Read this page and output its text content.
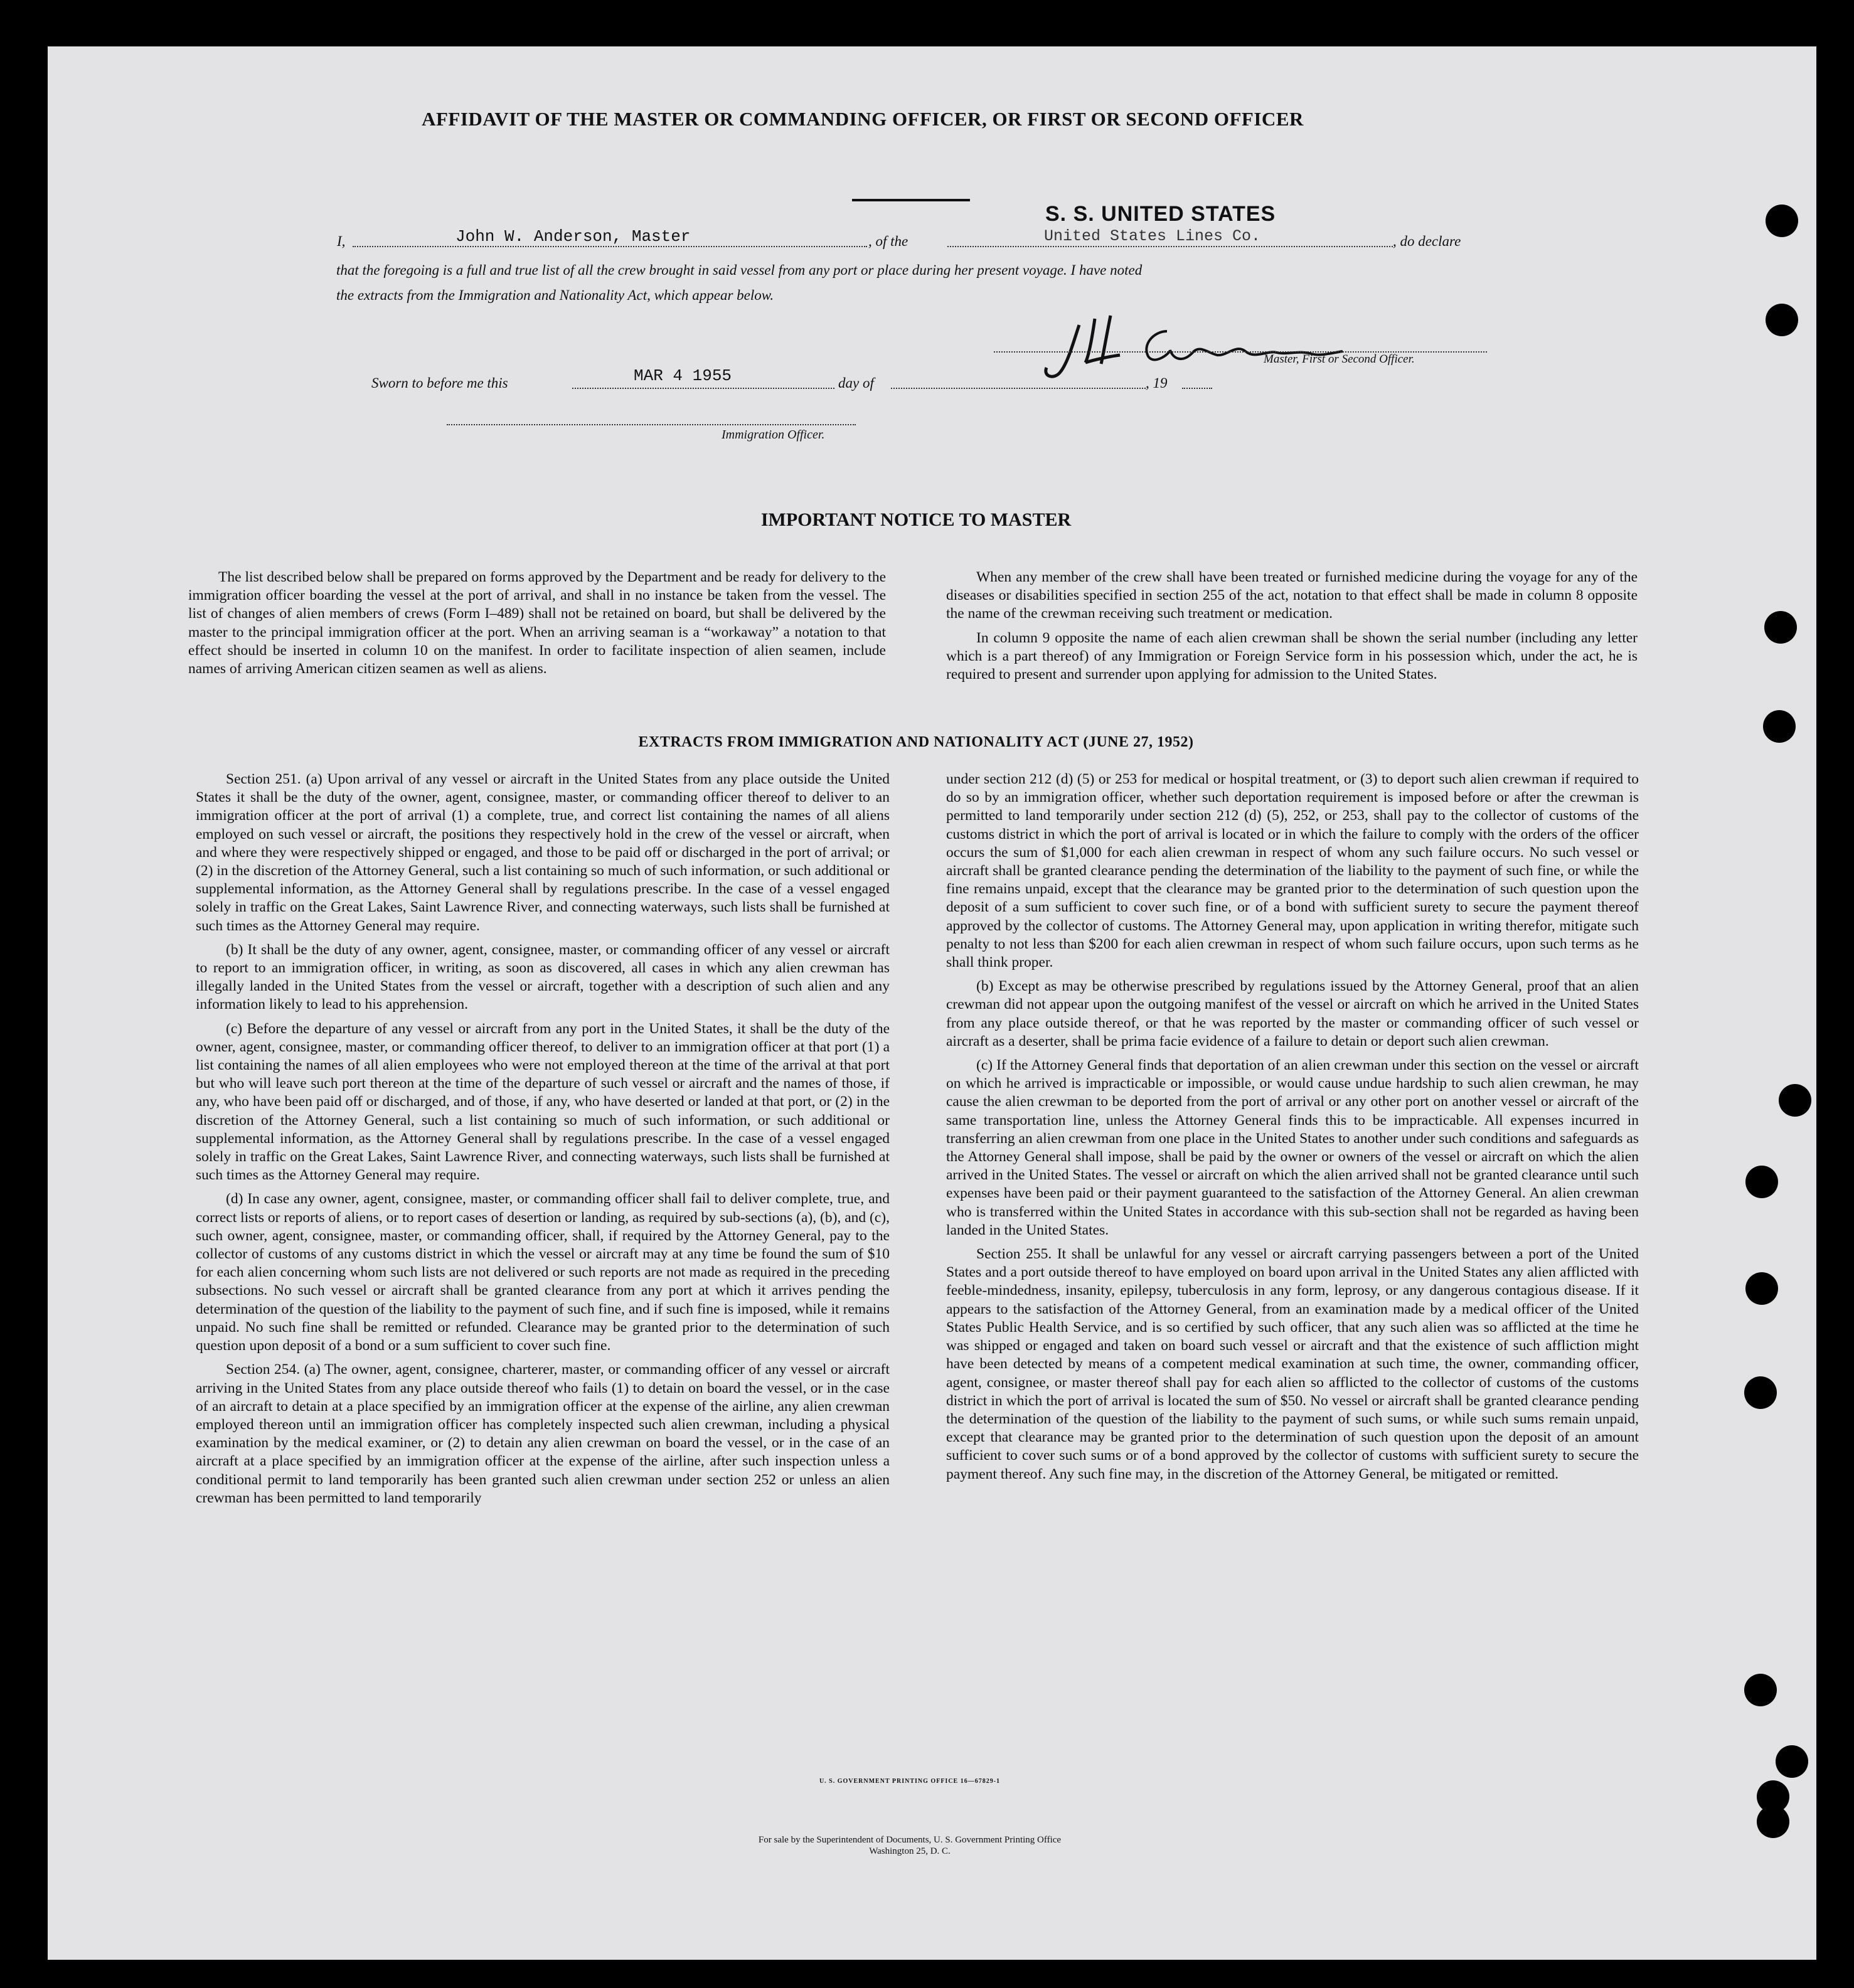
AFFIDAVIT OF THE MASTER OR COMMANDING OFFICER, OR FIRST OR SECOND OFFICER
I,	John W. Anderson, Master	, of the
S. S. UNITED STATES
United States Lines Co.	, do declare
that the foregoing is a full and true list of all the crew brought in said vessel from any port or place during her present voyage. I have noted
the extracts from the Immigration and Nationality Act, which appear below.
Master, First or Second Officer.
Sworn to before me this	MAR 4 1955	day of	, 19
Immigration Officer.
IMPORTANT NOTICE TO MASTER

The list described below shall be prepared on forms approved by the Department and be ready for delivery to the immigration officer boarding the vessel at the port of arrival, and shall in no instance be taken from the vessel. The list of changes of alien members of crews (Form I–489) shall not be retained on board, but shall be delivered by the master to the principal immigration officer at the port. When an arriving seaman is a “workaway” a notation to that effect should be inserted in column 10 on the manifest. In order to facilitate inspection of alien seamen, include names of arriving American citizen seamen as well as aliens.

When any member of the crew shall have been treated or furnished medicine during the voyage for any of the diseases or disabilities specified in section 255 of the act, notation to that effect shall be made in column 8 opposite the name of the crewman receiving such treatment or medication.

In column 9 opposite the name of each alien crewman shall be shown the serial number (including any letter which is a part thereof) of any Immigration or Foreign Service form in his possession which, under the act, he is required to present and surrender upon applying for admission to the United States.

EXTRACTS FROM IMMIGRATION AND NATIONALITY ACT (JUNE 27, 1952)

Section 251. (a) Upon arrival of any vessel or aircraft in the United States from any place outside the United States it shall be the duty of the owner, agent, consignee, master, or commanding officer thereof to deliver to an immigration officer at the port of arrival (1) a complete, true, and correct list containing the names of all aliens employed on such vessel or aircraft, the positions they respectively hold in the crew of the vessel or aircraft, when and where they were respectively shipped or engaged, and those to be paid off or discharged in the port of arrival; or (2) in the discretion of the Attorney General, such a list containing so much of such information, or such additional or supplemental information, as the Attorney General shall by regulations prescribe. In the case of a vessel engaged solely in traffic on the Great Lakes, Saint Lawrence River, and connecting waterways, such lists shall be furnished at such times as the Attorney General may require.

(b) It shall be the duty of any owner, agent, consignee, master, or commanding officer of any vessel or aircraft to report to an immigration officer, in writing, as soon as discovered, all cases in which any alien crewman has illegally landed in the United States from the vessel or aircraft, together with a description of such alien and any information likely to lead to his apprehension.

(c) Before the departure of any vessel or aircraft from any port in the United States, it shall be the duty of the owner, agent, consignee, master, or commanding officer thereof, to deliver to an immigration officer at that port (1) a list containing the names of all alien employees who were not employed thereon at the time of the arrival at that port but who will leave such port thereon at the time of the departure of such vessel or aircraft and the names of those, if any, who have been paid off or discharged, and of those, if any, who have deserted or landed at that port, or (2) in the discretion of the Attorney General, such a list containing so much of such information, or such additional or supplemental information, as the Attorney General shall by regulations prescribe. In the case of a vessel engaged solely in traffic on the Great Lakes, Saint Lawrence River, and connecting waterways, such lists shall be furnished at such times as the Attorney General may require.

(d) In case any owner, agent, consignee, master, or commanding officer shall fail to deliver complete, true, and correct lists or reports of aliens, or to report cases of desertion or landing, as required by sub-sections (a), (b), and (c), such owner, agent, consignee, master, or commanding officer, shall, if required by the Attorney General, pay to the collector of customs of any customs district in which the vessel or aircraft may at any time be found the sum of $10 for each alien concerning whom such lists are not delivered or such reports are not made as required in the preceding subsections. No such vessel or aircraft shall be granted clearance from any port at which it arrives pending the determination of the question of the liability to the payment of such fine, and if such fine is imposed, while it remains unpaid. No such fine shall be remitted or refunded. Clearance may be granted prior to the determination of such question upon deposit of a bond or a sum sufficient to cover such fine.

Section 254. (a) The owner, agent, consignee, charterer, master, or commanding officer of any vessel or aircraft arriving in the United States from any place outside thereof who fails (1) to detain on board the vessel, or in the case of an aircraft to detain at a place specified by an immigration officer at the expense of the airline, any alien crewman employed thereon until an immigration officer has completely inspected such alien crewman, including a physical examination by the medical examiner, or (2) to detain any alien crewman on board the vessel, or in the case of an aircraft at a place specified by an immigration officer at the expense of the airline, after such inspection unless a conditional permit to land temporarily has been granted such alien crewman under section 252 or unless an alien crewman has been permitted to land temporarily

under section 212 (d) (5) or 253 for medical or hospital treatment, or (3) to deport such alien crewman if required to do so by an immigration officer, whether such deportation requirement is imposed before or after the crewman is permitted to land temporarily under section 212 (d) (5), 252, or 253, shall pay to the collector of customs of the customs district in which the port of arrival is located or in which the failure to comply with the orders of the officer occurs the sum of $1,000 for each alien crewman in respect of whom any such failure occurs. No such vessel or aircraft shall be granted clearance pending the determination of the liability to the payment of such fine, or while the fine remains unpaid, except that the clearance may be granted prior to the determination of such question upon the deposit of a sum sufficient to cover such fine, or of a bond with sufficient surety to secure the payment thereof approved by the collector of customs. The Attorney General may, upon application in writing therefor, mitigate such penalty to not less than $200 for each alien crewman in respect of whom such failure occurs, upon such terms as he shall think proper.

(b) Except as may be otherwise prescribed by regulations issued by the Attorney General, proof that an alien crewman did not appear upon the outgoing manifest of the vessel or aircraft on which he arrived in the United States from any place outside thereof, or that he was reported by the master or commanding officer of such vessel or aircraft as a deserter, shall be prima facie evidence of a failure to detain or deport such alien crewman.

(c) If the Attorney General finds that deportation of an alien crewman under this section on the vessel or aircraft on which he arrived is impracticable or impossible, or would cause undue hardship to such alien crewman, he may cause the alien crewman to be deported from the port of arrival or any other port on another vessel or aircraft of the same transportation line, unless the Attorney General finds this to be impracticable. All expenses incurred in transferring an alien crewman from one place in the United States to another under such conditions and safeguards as the Attorney General shall impose, shall be paid by the owner or owners of the vessel or aircraft on which the alien arrived in the United States. The vessel or aircraft on which the alien arrived shall not be granted clearance until such expenses have been paid or their payment guaranteed to the satisfaction of the Attorney General. An alien crewman who is transferred within the United States in accordance with this sub-section shall not be regarded as having been landed in the United States.

Section 255. It shall be unlawful for any vessel or aircraft carrying passengers between a port of the United States and a port outside thereof to have employed on board upon arrival in the United States any alien afflicted with feeble-mindedness, insanity, epilepsy, tuberculosis in any form, leprosy, or any dangerous contagious disease. If it appears to the satisfaction of the Attorney General, from an examination made by a medical officer of the United States Public Health Service, and is so certified by such officer, that any such alien was so afflicted at the time he was shipped or engaged and taken on board such vessel or aircraft and that the existence of such affliction might have been detected by means of a competent medical examination at such time, the owner, commanding officer, agent, consignee, or master thereof shall pay for each alien so afflicted to the collector of customs of the customs district in which the port of arrival is located the sum of $50. No vessel or aircraft shall be granted clearance pending the determination of the question of the liability to the payment of such sums, or while such sums remain unpaid, except that clearance may be granted prior to the determination of such question upon the deposit of an amount sufficient to cover such sums or of a bond approved by the collector of customs with sufficient surety to secure the payment thereof. Any such fine may, in the discretion of the Attorney General, be mitigated or remitted.

U. S. GOVERNMENT PRINTING OFFICE 16—67829-1
For sale by the Superintendent of Documents, U. S. Government Printing Office
Washington 25, D. C.
